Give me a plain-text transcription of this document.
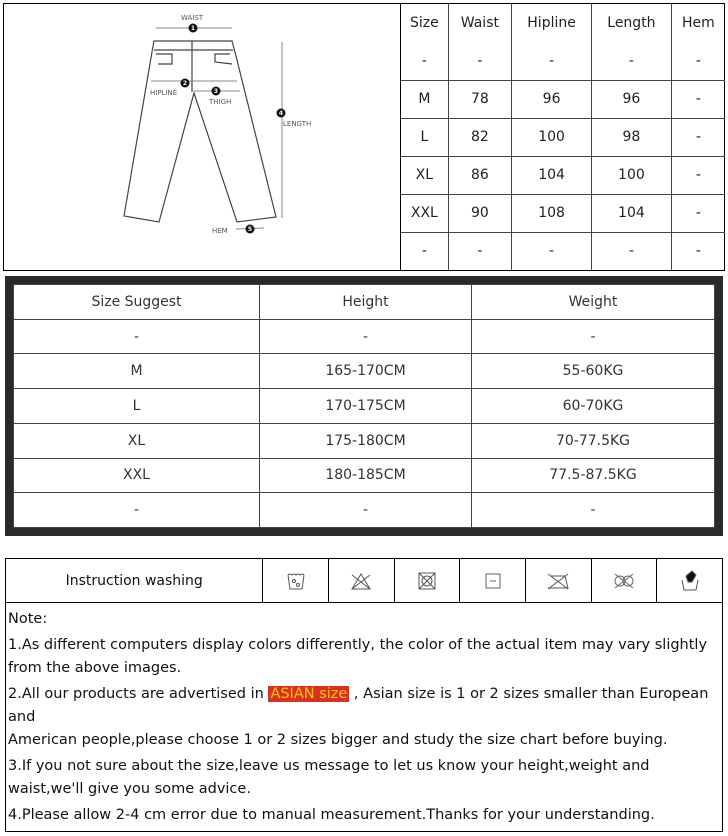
1
2
3
4
5
WAIST
HIPLINE
THIGH
LENGTH
HEM
Size	Waist	Hipline	Length	Hem
-	-	-	-	-
M	78	96	96	-
L	82	100	98	-
XL	86	104	100	-
XXL	90	108	104	-
-	-	-	-	-
Size Suggest	Height	Weight
-	-	-
M	165-170CM	55-60KG
L	170-175CM	60-70KG
XL	175-180CM	70-77.5KG
XXL	180-185CM	77.5-87.5KG
-	-	-
Instruction washing
Note:
1.As different computers display colors differently, the color of the actual item may vary slightly from the above images.
2.All our products are advertised in ASIAN size , Asian size is 1 or 2 sizes smaller than European and
American people,please choose 1 or 2 sizes bigger and study the size chart before buying.
3.If you not sure about the size,leave us message to let us know your height,weight and waist,we'll give you some advice.
4.Please allow 2-4 cm error due to manual measurement.Thanks for your understanding.
